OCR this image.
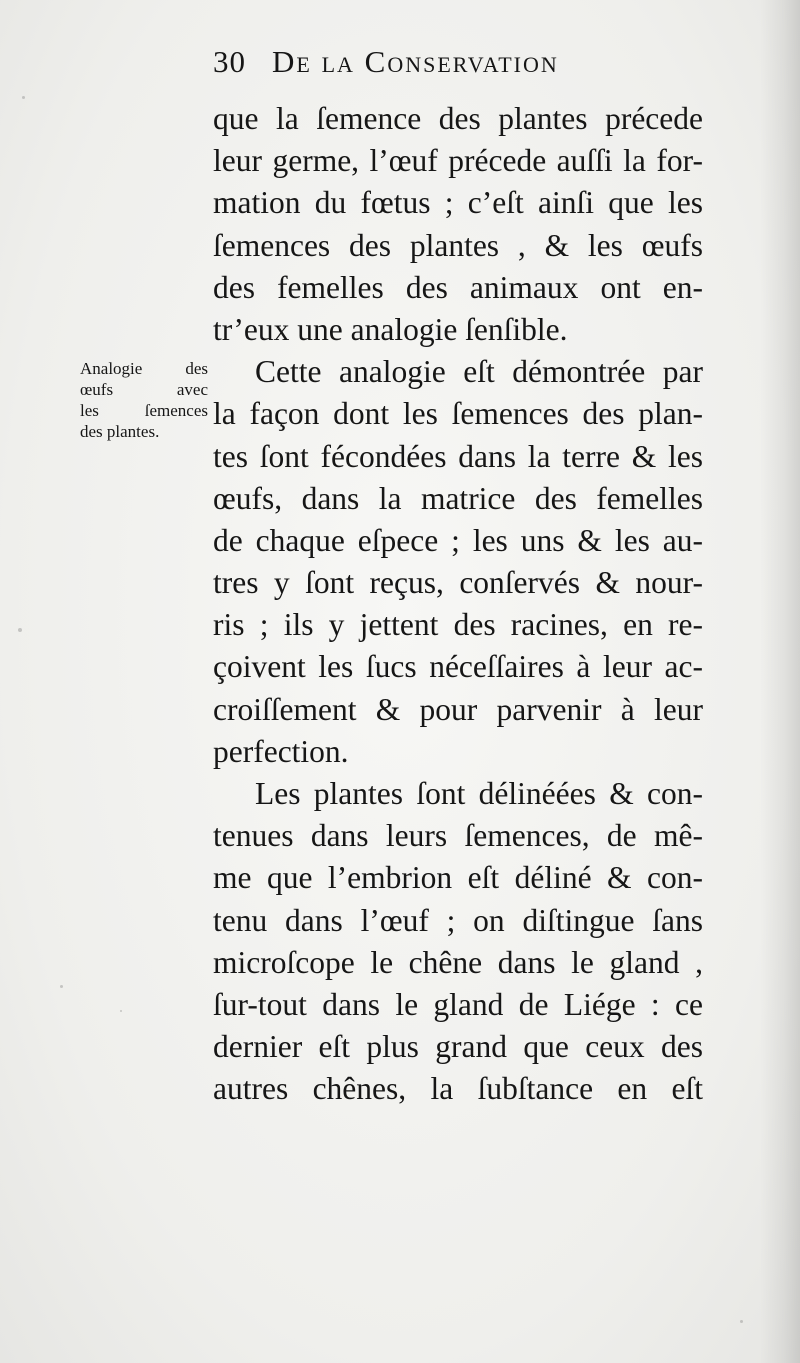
30 De la Conservation
Analogie des
œufs avec
les ſemences
des plantes.
que la ſemence des plantes précede
leur germe, l’œuf précede auſſi la for-
mation du fœtus ; c’eſt ainſi que les
ſemences des plantes , & les œufs
des femelles des animaux ont en-
tr’eux une analogie ſenſible.
Cette analogie eſt démontrée par
la façon dont les ſemences des plan-
tes ſont fécondées dans la terre & les
œufs, dans la matrice des femelles
de chaque eſpece ; les uns & les au-
tres y ſont reçus, conſervés & nour-
ris ; ils y jettent des racines, en re-
çoivent les ſucs néceſſaires à leur ac-
croiſſement & pour parvenir à leur
perfection.
Les plantes ſont délinéées & con-
tenues dans leurs ſemences, de mê-
me que l’embrion eſt déliné & con-
tenu dans l’œuf ; on diſtingue ſans
microſcope le chêne dans le gland ,
ſur-tout dans le gland de Liége : ce
dernier eſt plus grand que ceux des
autres chênes, la ſubſtance en eſt
